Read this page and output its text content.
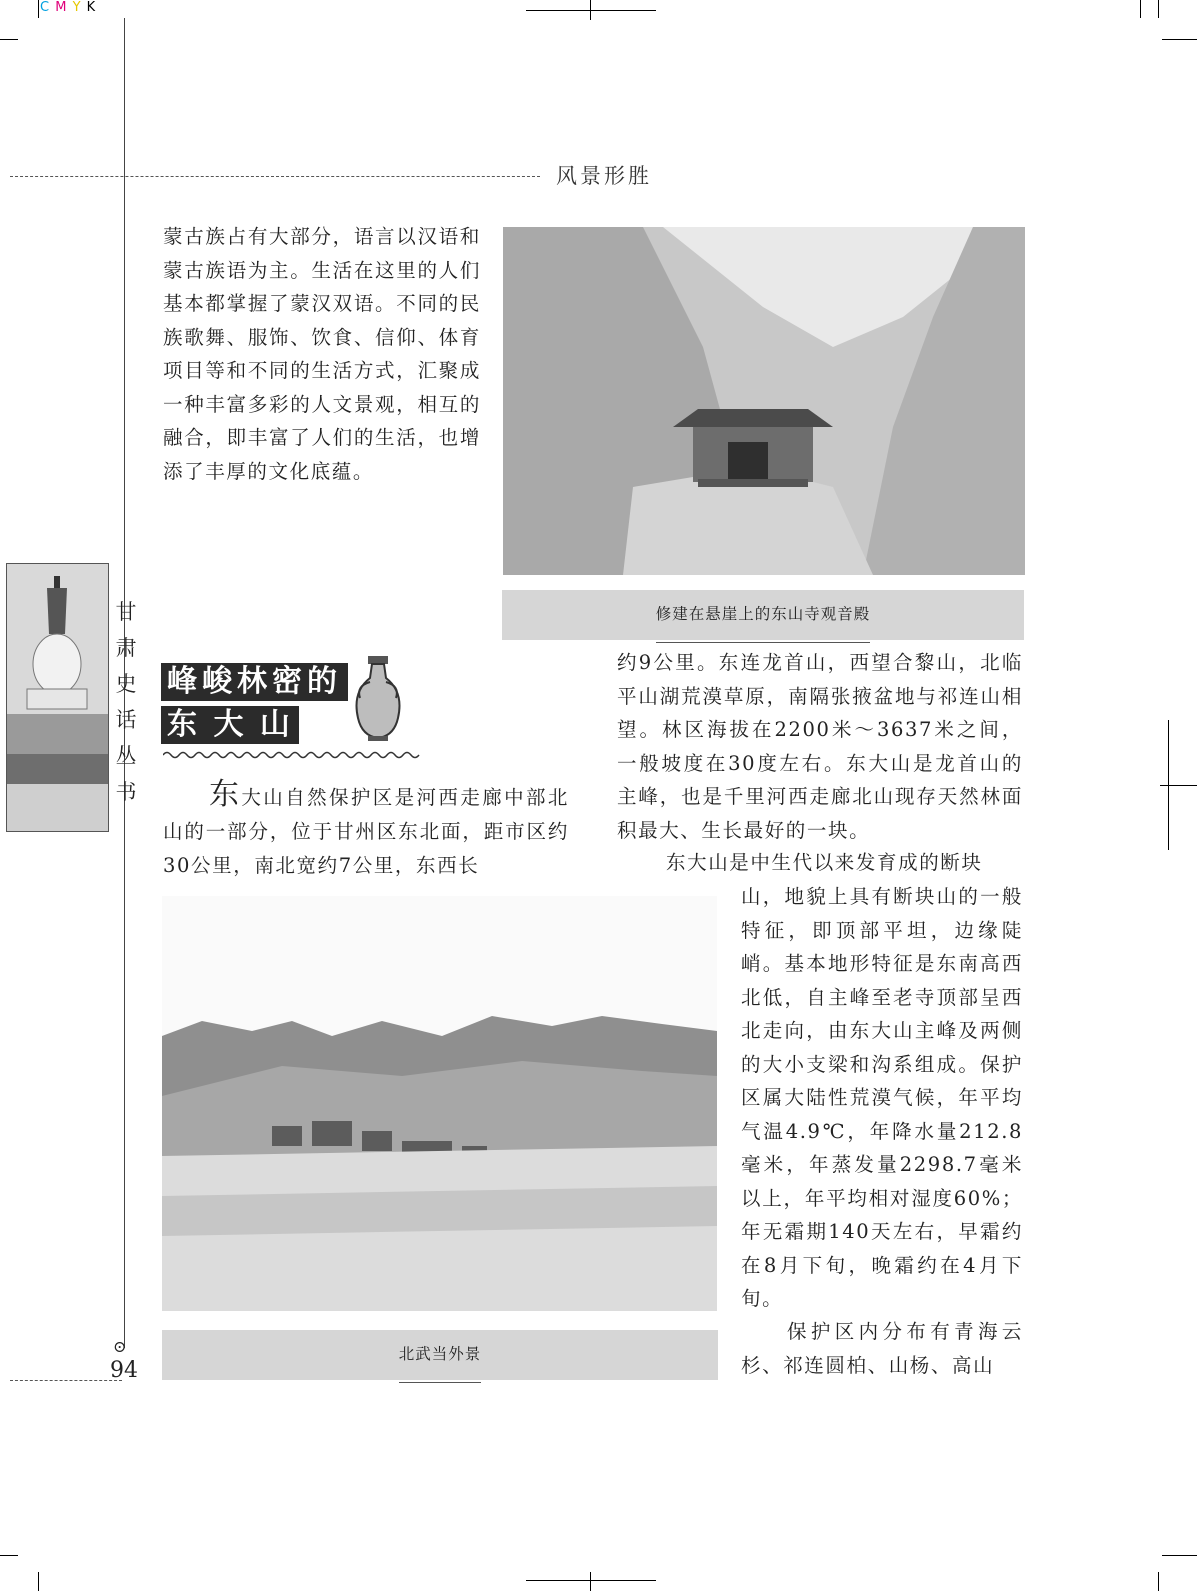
C M Y K
风景形胜
蒙古族占有大部分，语言以汉语和蒙古族语为主。生活在这里的人们基本都掌握了蒙汉双语。不同的民族歌舞、服饰、饮食、信仰、体育项目等和不同的生活方式，汇聚成一种丰富多彩的人文景观，相互的融合，即丰富了人们的生活，也增添了丰厚的文化底蕴。
修建在悬崖上的东山寺观音殿
甘
肃
史
话
丛
书
峰峻林密的
东 大 山
东大山自然保护区是河西走廊中部北山的一部分，位于甘州区东北面，距市区约30公里，南北宽约7公里，东西长
约9公里。东连龙首山，西望合黎山，北临平山湖荒漠草原，南隔张掖盆地与祁连山相望。林区海拔在2200米～3637米之间，一般坡度在30度左右。东大山是龙首山的主峰，也是千里河西走廊北山现存天然林面积最大、生长最好的一块。
东大山是中生代以来发育成的断块
山，地貌上具有断块山的一般特征，即顶部平坦，边缘陡峭。基本地形特征是东南高西北低，自主峰至老寺顶部呈西北走向，由东大山主峰及两侧的大小支梁和沟系组成。保护区属大陆性荒漠气候，年平均气温4.9℃，年降水量212.8毫米，年蒸发量2298.7毫米以上，年平均相对湿度60%；年无霜期140天左右，早霜约在8月下旬，晚霜约在4月下旬。
保护区内分布有青海云杉、祁连圆柏、山杨、高山
北武当外景
⊙
94
